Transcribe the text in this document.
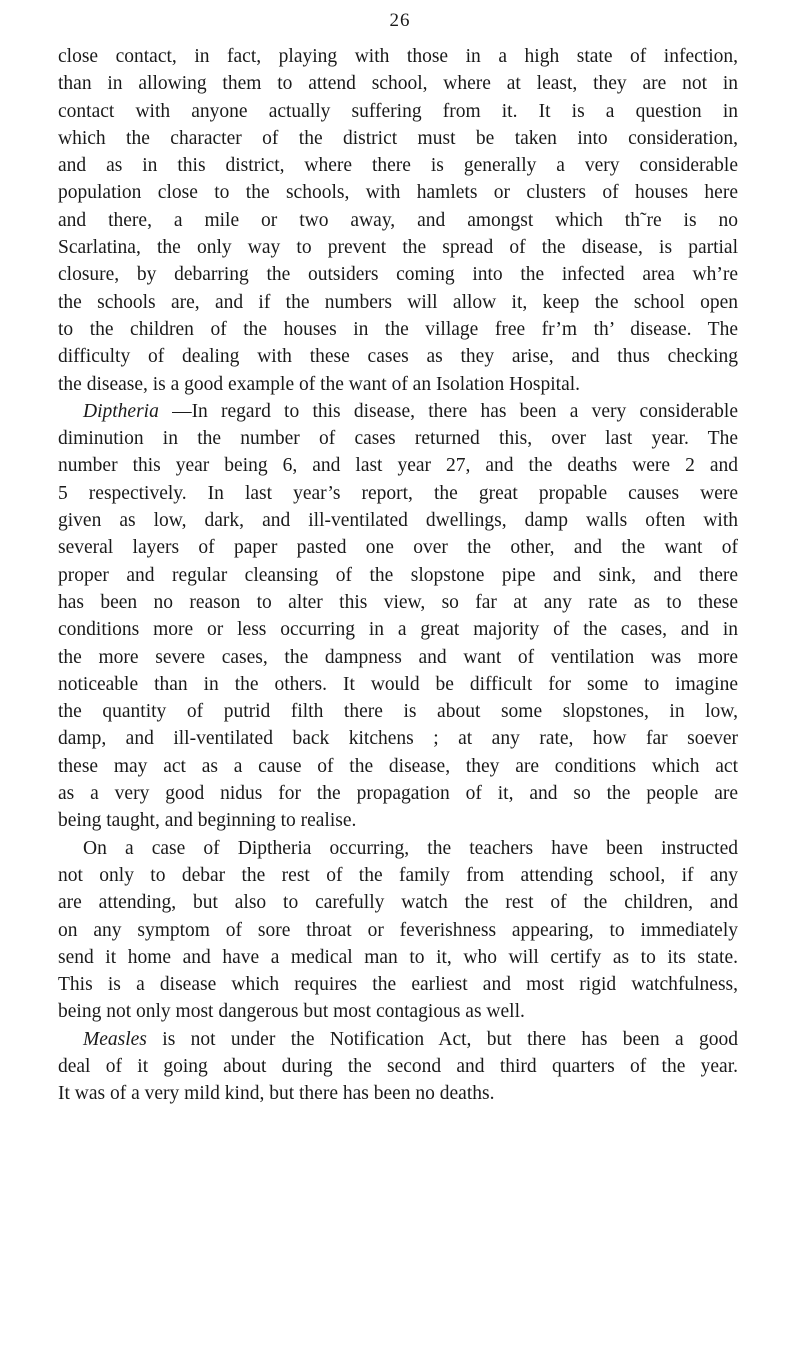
26
close contact, in fact, playing with those in a high state of infection,
than in allowing them to attend school, where at least, they are not in
contact with anyone actually suffering from it. It is a question in
which the character of the district must be taken into consideration,
and as in this district, where there is generally a very considerable
population close to the schools, with hamlets or clusters of houses here
and there, a mile or two away, and amongst which th˜re is no
Scarlatina, the only way to prevent the spread of the disease, is partial
closure, by debarring the outsiders coming into the infected area wh’re
the schools are, and if the numbers will allow it, keep the school open
to the children of the houses in the village free fr’m th’ disease. The
difficulty of dealing with these cases as they arise, and thus checking
the disease, is a good example of the want of an Isolation Hospital.
Diptheria —In regard to this disease, there has been a very considerable
diminution in the number of cases returned this, over last year. The
number this year being 6, and last year 27, and the deaths were 2 and
5 respectively. In last year’s report, the great propable causes were
given as low, dark, and ill-ventilated dwellings, damp walls often with
several layers of paper pasted one over the other, and the want of
proper and regular cleansing of the slopstone pipe and sink, and there
has been no reason to alter this view, so far at any rate as to these
conditions more or less occurring in a great majority of the cases, and in
the more severe cases, the dampness and want of ventilation was more
noticeable than in the others. It would be difficult for some to imagine
the quantity of putrid filth there is about some slopstones, in low,
damp, and ill-ventilated back kitchens ; at any rate, how far soever
these may act as a cause of the disease, they are conditions which act
as a very good nidus for the propagation of it, and so the people are
being taught, and beginning to realise.
On a case of Diptheria occurring, the teachers have been instructed
not only to debar the rest of the family from attending school, if any
are attending, but also to carefully watch the rest of the children, and
on any symptom of sore throat or feverishness appearing, to immediately
send it home and have a medical man to it, who will certify as to its state.
This is a disease which requires the earliest and most rigid watchfulness,
being not only most dangerous but most contagious as well.
Measles is not under the Notification Act, but there has been a good
deal of it going about during the second and third quarters of the year.
It was of a very mild kind, but there has been no deaths.
